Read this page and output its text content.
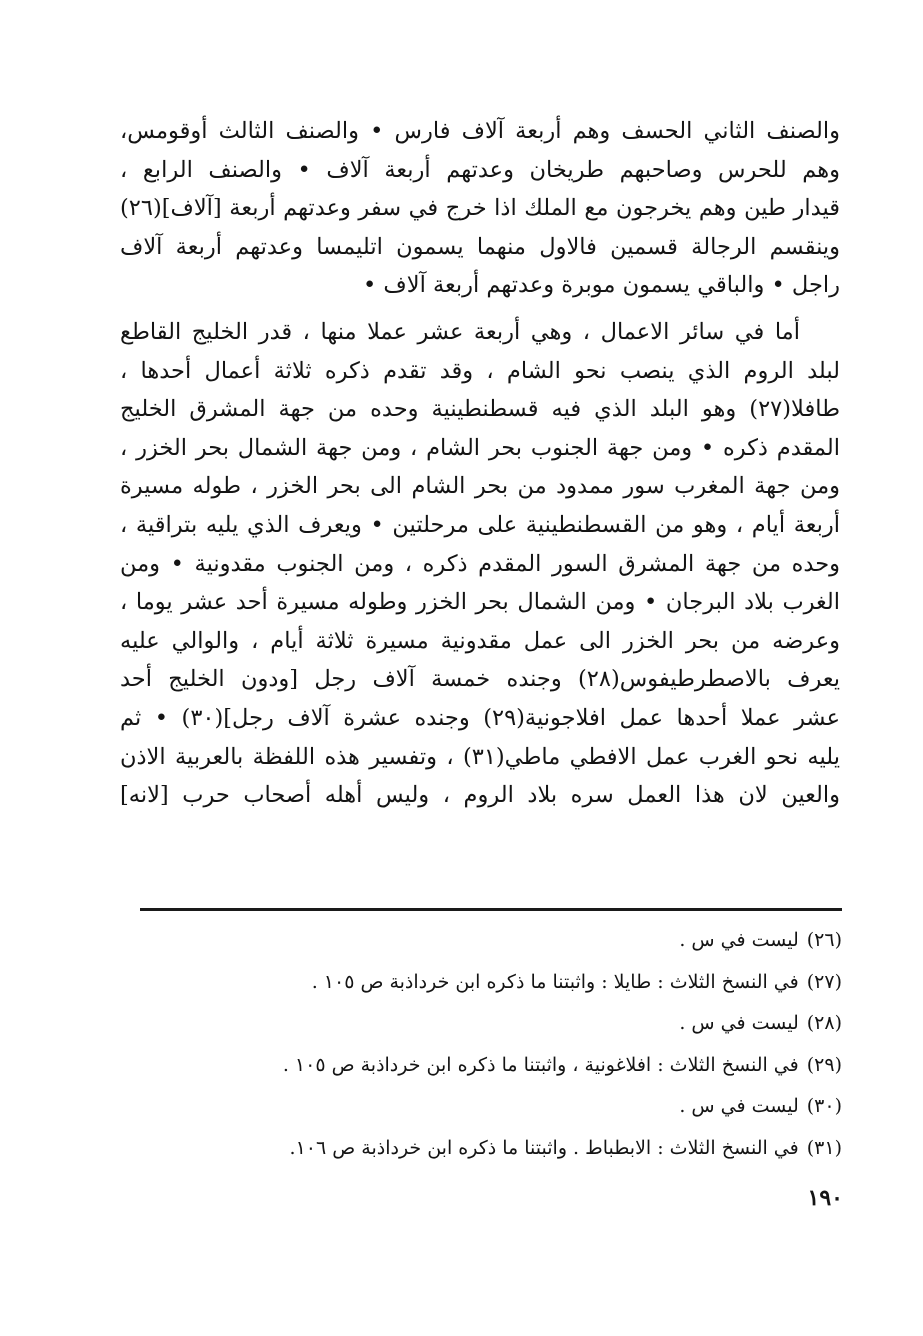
والصنف الثاني الحسف وهم أربعة آلاف فارس • والصنف الثالث أوقومس،
وهم للحرس وصاحبهم طريخان وعدتهم أربعة آلاف • والصنف الرابع ،
قيدار طين وهم يخرجون مع الملك اذا خرج في سفر وعدتهم أربعة [آلاف](٢٦)
وينقسم الرجالة قسمين فالاول منهما يسمون اتليمسا وعدتهم أربعة آلاف
راجل • والباقي يسمون موبرة وعدتهم أربعة آلاف •
أما في سائر الاعمال ، وهي أربعة عشر عملا منها ، قدر الخليج القاطع
لبلد الروم الذي ينصب نحو الشام ، وقد تقدم ذكره ثلاثة أعمال أحدها ،
طافلا(٢٧) وهو البلد الذي فيه قسطنطينية وحده من جهة المشرق الخليج
المقدم ذكره • ومن جهة الجنوب بحر الشام ، ومن جهة الشمال بحر الخزر ،
ومن جهة المغرب سور ممدود من بحر الشام الى بحر الخزر ، طوله مسيرة
أربعة أيام ، وهو من القسطنطينية على مرحلتين • ويعرف الذي يليه بتراقية ،
وحده من جهة المشرق السور المقدم ذكره ، ومن الجنوب مقدونية • ومن
الغرب بلاد البرجان • ومن الشمال بحر الخزر وطوله مسيرة أحد عشر يوما ،
وعرضه من بحر الخزر الى عمل مقدونية مسيرة ثلاثة أيام ، والوالي عليه
يعرف بالاصطرطيفوس(٢٨) وجنده خمسة آلاف رجل [ودون الخليج أحد
عشر عملا أحدها عمل افلاجونية(٢٩) وجنده عشرة آلاف رجل](٣٠) • ثم
يليه نحو الغرب عمل الافطي ماطي(٣١) ، وتفسير هذه اللفظة بالعربية الاذن
والعين لان هذا العمل سره بلاد الروم ، وليس أهله أصحاب حرب [لانه]
(٢٦)ليست في س .
(٢٧)في النسخ الثلاث : طايلا : واثبتنا ما ذكره ابن خرداذبة ص ١٠٥ .
(٢٨)ليست في س .
(٢٩)في النسخ الثلاث : افلاغونية ، واثبتنا ما ذكره ابن خرداذبة ص ١٠٥ .
(٣٠)ليست في س .
(٣١)في النسخ الثلاث : الابطباط . واثبتنا ما ذكره ابن خرداذبة ص ١٠٦.
١٩٠
